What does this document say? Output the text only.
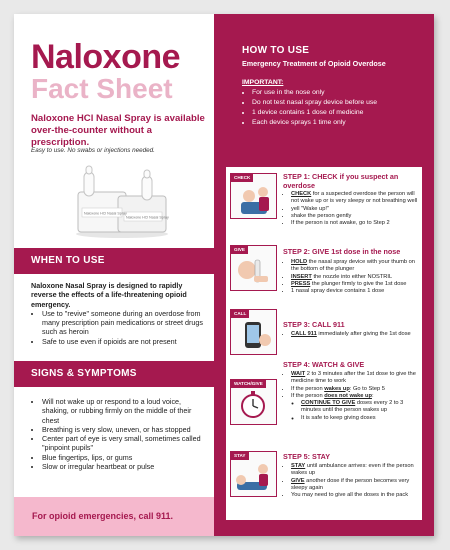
Naloxone
Fact Sheet
Naloxone HCl Nasal Spray is available over-the-counter without a prescription.
Easy to use. No swabs or injections needed.
Naloxone HCl Nasal Spray
Naloxone HCl Nasal Spray
WHEN TO USE
Naloxone Nasal Spray is designed to rapidly reverse the effects of a life-threatening opioid emergency.
• Use to "revive" someone during an overdose from many prescription pain medications or street drugs such as heroin
• Safe to use even if opioids are not present
SIGNS & SYMPTOMS
• Will not wake up or respond to a loud voice, shaking, or rubbing firmly on the middle of their chest
• Breathing is very slow, uneven, or has stopped
• Center part of eye is very small, sometimes called "pinpoint pupils"
• Blue fingertips, lips, or gums
• Slow or irregular heartbeat or pulse
For opioid emergencies, call 911.
HOW TO USE
Emergency Treatment of Opioid Overdose
IMPORTANT:
• For use in the nose only
• Do not test nasal spray device before use
• 1 device contains 1 dose of medicine
• Each device sprays 1 time only
CHECK	STEP 1: CHECK if you suspect an overdose
• CHECK for a suspected overdose the person will not wake up or is very sleepy or not breathing well
• yell "Wake up!"
• shake the person gently
• If the person is not awake, go to Step 2
GIVE	STEP 2: GIVE 1st dose in the nose
• HOLD the nasal spray device with your thumb on the bottom of the plunger
• INSERT the nozzle into either NOSTRIL
• PRESS the plunger firmly to give the 1st dose
• 1 nasal spray device contains 1 dose
CALL
STEP 3: CALL 911
• CALL 911 immediately after giving the 1st dose
WATCH/GIVE
STEP 4: WATCH & GIVE
• WAIT 2 to 3 minutes after the 1st dose to give the medicine time to work
• If the person wakes up: Go to Step 5
• If the person does not wake up:
◦ CONTINUE TO GIVE doses every 2 to 3 minutes until the person wakes up
◦ It is safe to keep giving doses
STAY	STEP 5: STAY
• STAY until ambulance arrives: even if the person wakes up
• GIVE another dose if the person becomes very sleepy again
• You may need to give all the doses in the pack
